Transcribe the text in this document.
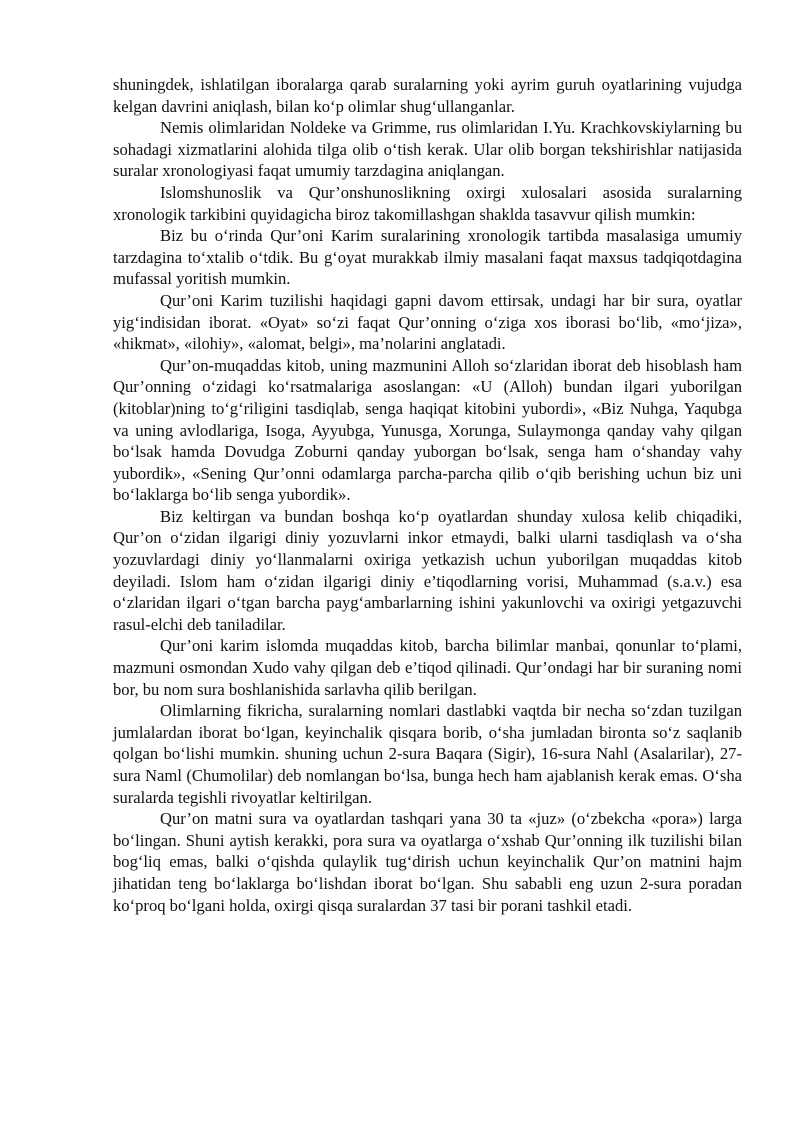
shuningdek, ishlatilgan iboralarga qarab suralarning yoki ayrim guruh oyatlarining vujudga kelgan davrini aniqlash, bilan koʻp olimlar shugʻullanganlar.

Nemis olimlaridan Noldeke va Grimme, rus olimlaridan I.Yu. Krachkovskiylarning bu sohadagi xizmatlarini alohida tilga olib oʻtish kerak. Ular olib borgan tekshirishlar natijasida suralar xronologiyasi faqat umumiy tarzdagina aniqlangan.

Islomshunoslik va Qur’onshunoslikning oxirgi xulosalari asosida suralarning xronologik tarkibini quyidagicha biroz takomillashgan shaklda tasavvur qilish mumkin:

Biz bu oʻrinda Qur’oni Karim suralarining xronologik tartibda masalasiga umumiy tarzdagina toʻxtalib oʻtdik. Bu gʻoyat murakkab ilmiy masalani faqat maxsus tadqiqotdagina mufassal yoritish mumkin.

Qur’oni Karim tuzilishi haqidagi gapni davom ettirsak, undagi har bir sura, oyatlar yigʻindisidan iborat. «Oyat» soʻzi faqat Qur’onning oʻziga xos iborasi boʻlib, «moʻjiza», «hikmat», «ilohiy», «alomat, belgi», ma’nolarini anglatadi.

Qur’on-muqaddas kitob, uning mazmunini Alloh soʻzlaridan iborat deb hisoblash ham Qur’onning oʻzidagi koʻrsatmalariga asoslangan: «U (Alloh) bundan ilgari yuborilgan (kitoblar)ning toʻgʻriligini tasdiqlab, senga haqiqat kitobini yubordi», «Biz Nuhga, Yaqubga va uning avlodlariga, Isoga, Ayyubga, Yunusga, Xorunga, Sulaymonga qanday vahy qilgan boʻlsak hamda Dovudga Zoburni qanday yuborgan boʻlsak, senga ham oʻshanday vahy yubordik», «Sening Qur’onni odamlarga parcha-parcha qilib oʻqib berishing uchun biz uni boʻlaklarga boʻlib senga yubordik».

Biz keltirgan va bundan boshqa koʻp oyatlardan shunday xulosa kelib chiqadiki, Qur’on oʻzidan ilgarigi diniy yozuvlarni inkor etmaydi, balki ularni tasdiqlash va oʻsha yozuvlardagi diniy yoʻllanmalarni oxiriga yetkazish uchun yuborilgan muqaddas kitob deyiladi. Islom ham oʻzidan ilgarigi diniy e’tiqodlarning vorisi, Muhammad (s.a.v.) esa oʻzlaridan ilgari oʻtgan barcha paygʻambarlarning ishini yakunlovchi va oxirigi yetgazuvchi rasul-elchi deb taniladilar.

Qur’oni karim islomda muqaddas kitob, barcha bilimlar manbai, qonunlar toʻplami, mazmuni osmondan Xudo vahy qilgan deb e’tiqod qilinadi. Qur’ondagi har bir suraning nomi bor, bu nom sura boshlanishida sarlavha qilib berilgan.

Olimlarning fikricha, suralarning nomlari dastlabki vaqtda bir necha soʻzdan tuzilgan jumlalardan iborat boʻlgan, keyinchalik qisqara borib, oʻsha jumladan bironta soʻz saqlanib qolgan boʻlishi mumkin. shuning uchun 2-sura Baqara (Sigir), 16-sura Nahl (Asalarilar), 27-sura Naml (Chumolilar) deb nomlangan boʻlsa, bunga hech ham ajablanish kerak emas. Oʻsha suralarda tegishli rivoyatlar keltirilgan.

Qur’on matni sura va oyatlardan tashqari yana 30 ta «juz» (oʻzbekcha «pora») larga boʻlingan. Shuni aytish kerakki, pora sura va oyatlarga oʻxshab Qur’onning ilk tuzilishi bilan bogʻliq emas, balki oʻqishda qulaylik tugʻdirish uchun keyinchalik Qur’on matnini hajm jihatidan teng boʻlaklarga boʻlishdan iborat boʻlgan. Shu sababli eng uzun 2-sura poradan koʻproq boʻlgani holda, oxirgi qisqa suralardan 37 tasi bir porani tashkil etadi.
